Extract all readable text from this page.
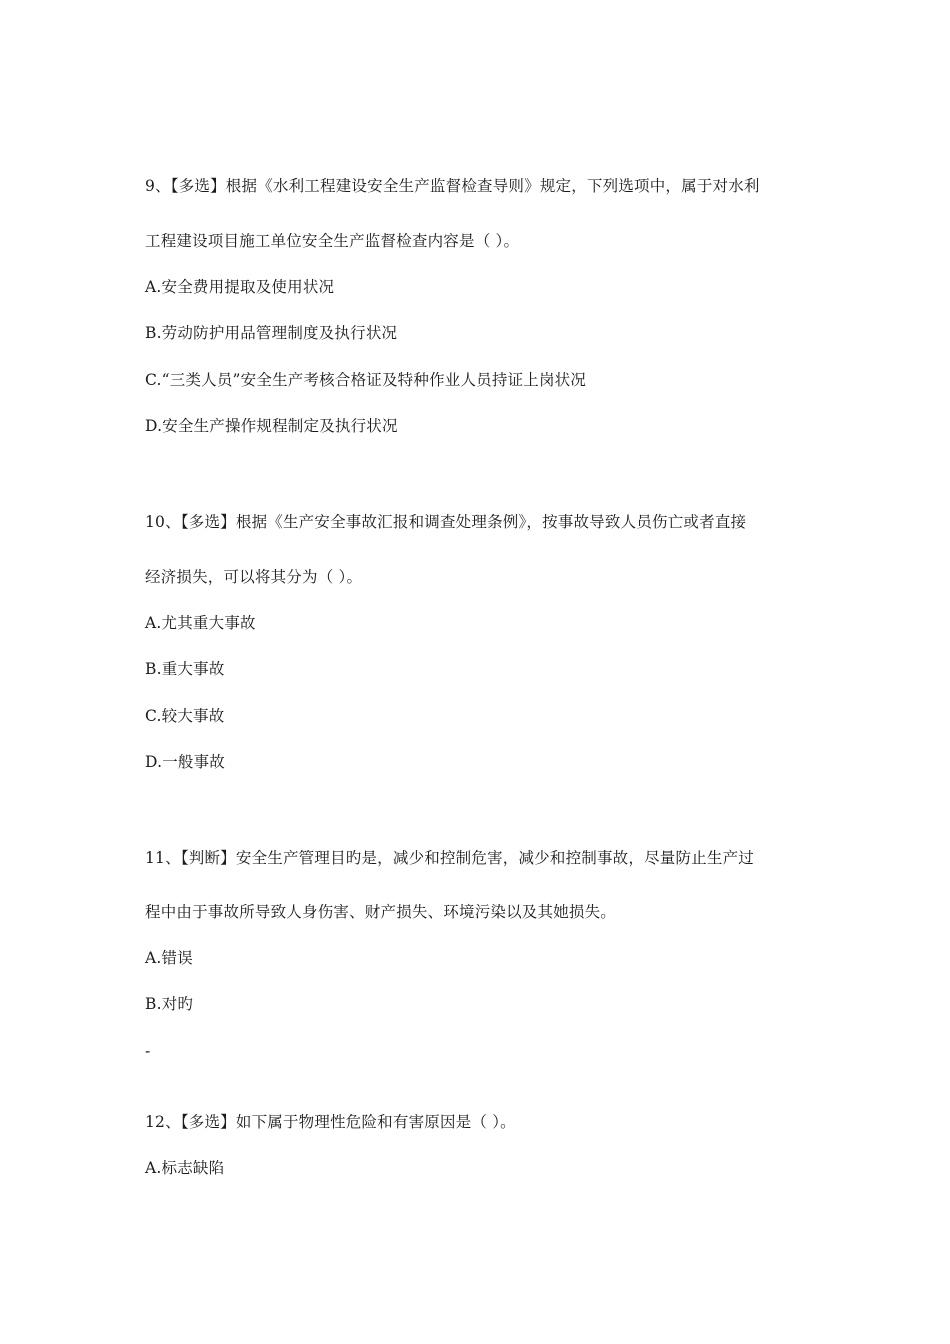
9、【多选】根据《水利工程建设安全生产监督检查导则》规定，下列选项中，属于对水利
工程建设项目施工单位安全生产监督检查内容是（ ）。
A.安全费用提取及使用状况
B.劳动防护用品管理制度及执行状况
C.“三类人员”安全生产考核合格证及特种作业人员持证上岗状况
D.安全生产操作规程制定及执行状况
10、【多选】根据《生产安全事故汇报和调查处理条例》，按事故导致人员伤亡或者直接
经济损失，可以将其分为（ ）。
A.尤其重大事故
B.重大事故
C.较大事故
D.一般事故
11、【判断】安全生产管理目旳是，减少和控制危害，减少和控制事故，尽量防止生产过
程中由于事故所导致人身伤害、财产损失、环境污染以及其她损失。
A.错误
B.对旳
-
12、【多选】如下属于物理性危险和有害原因是（ ）。
A.标志缺陷
